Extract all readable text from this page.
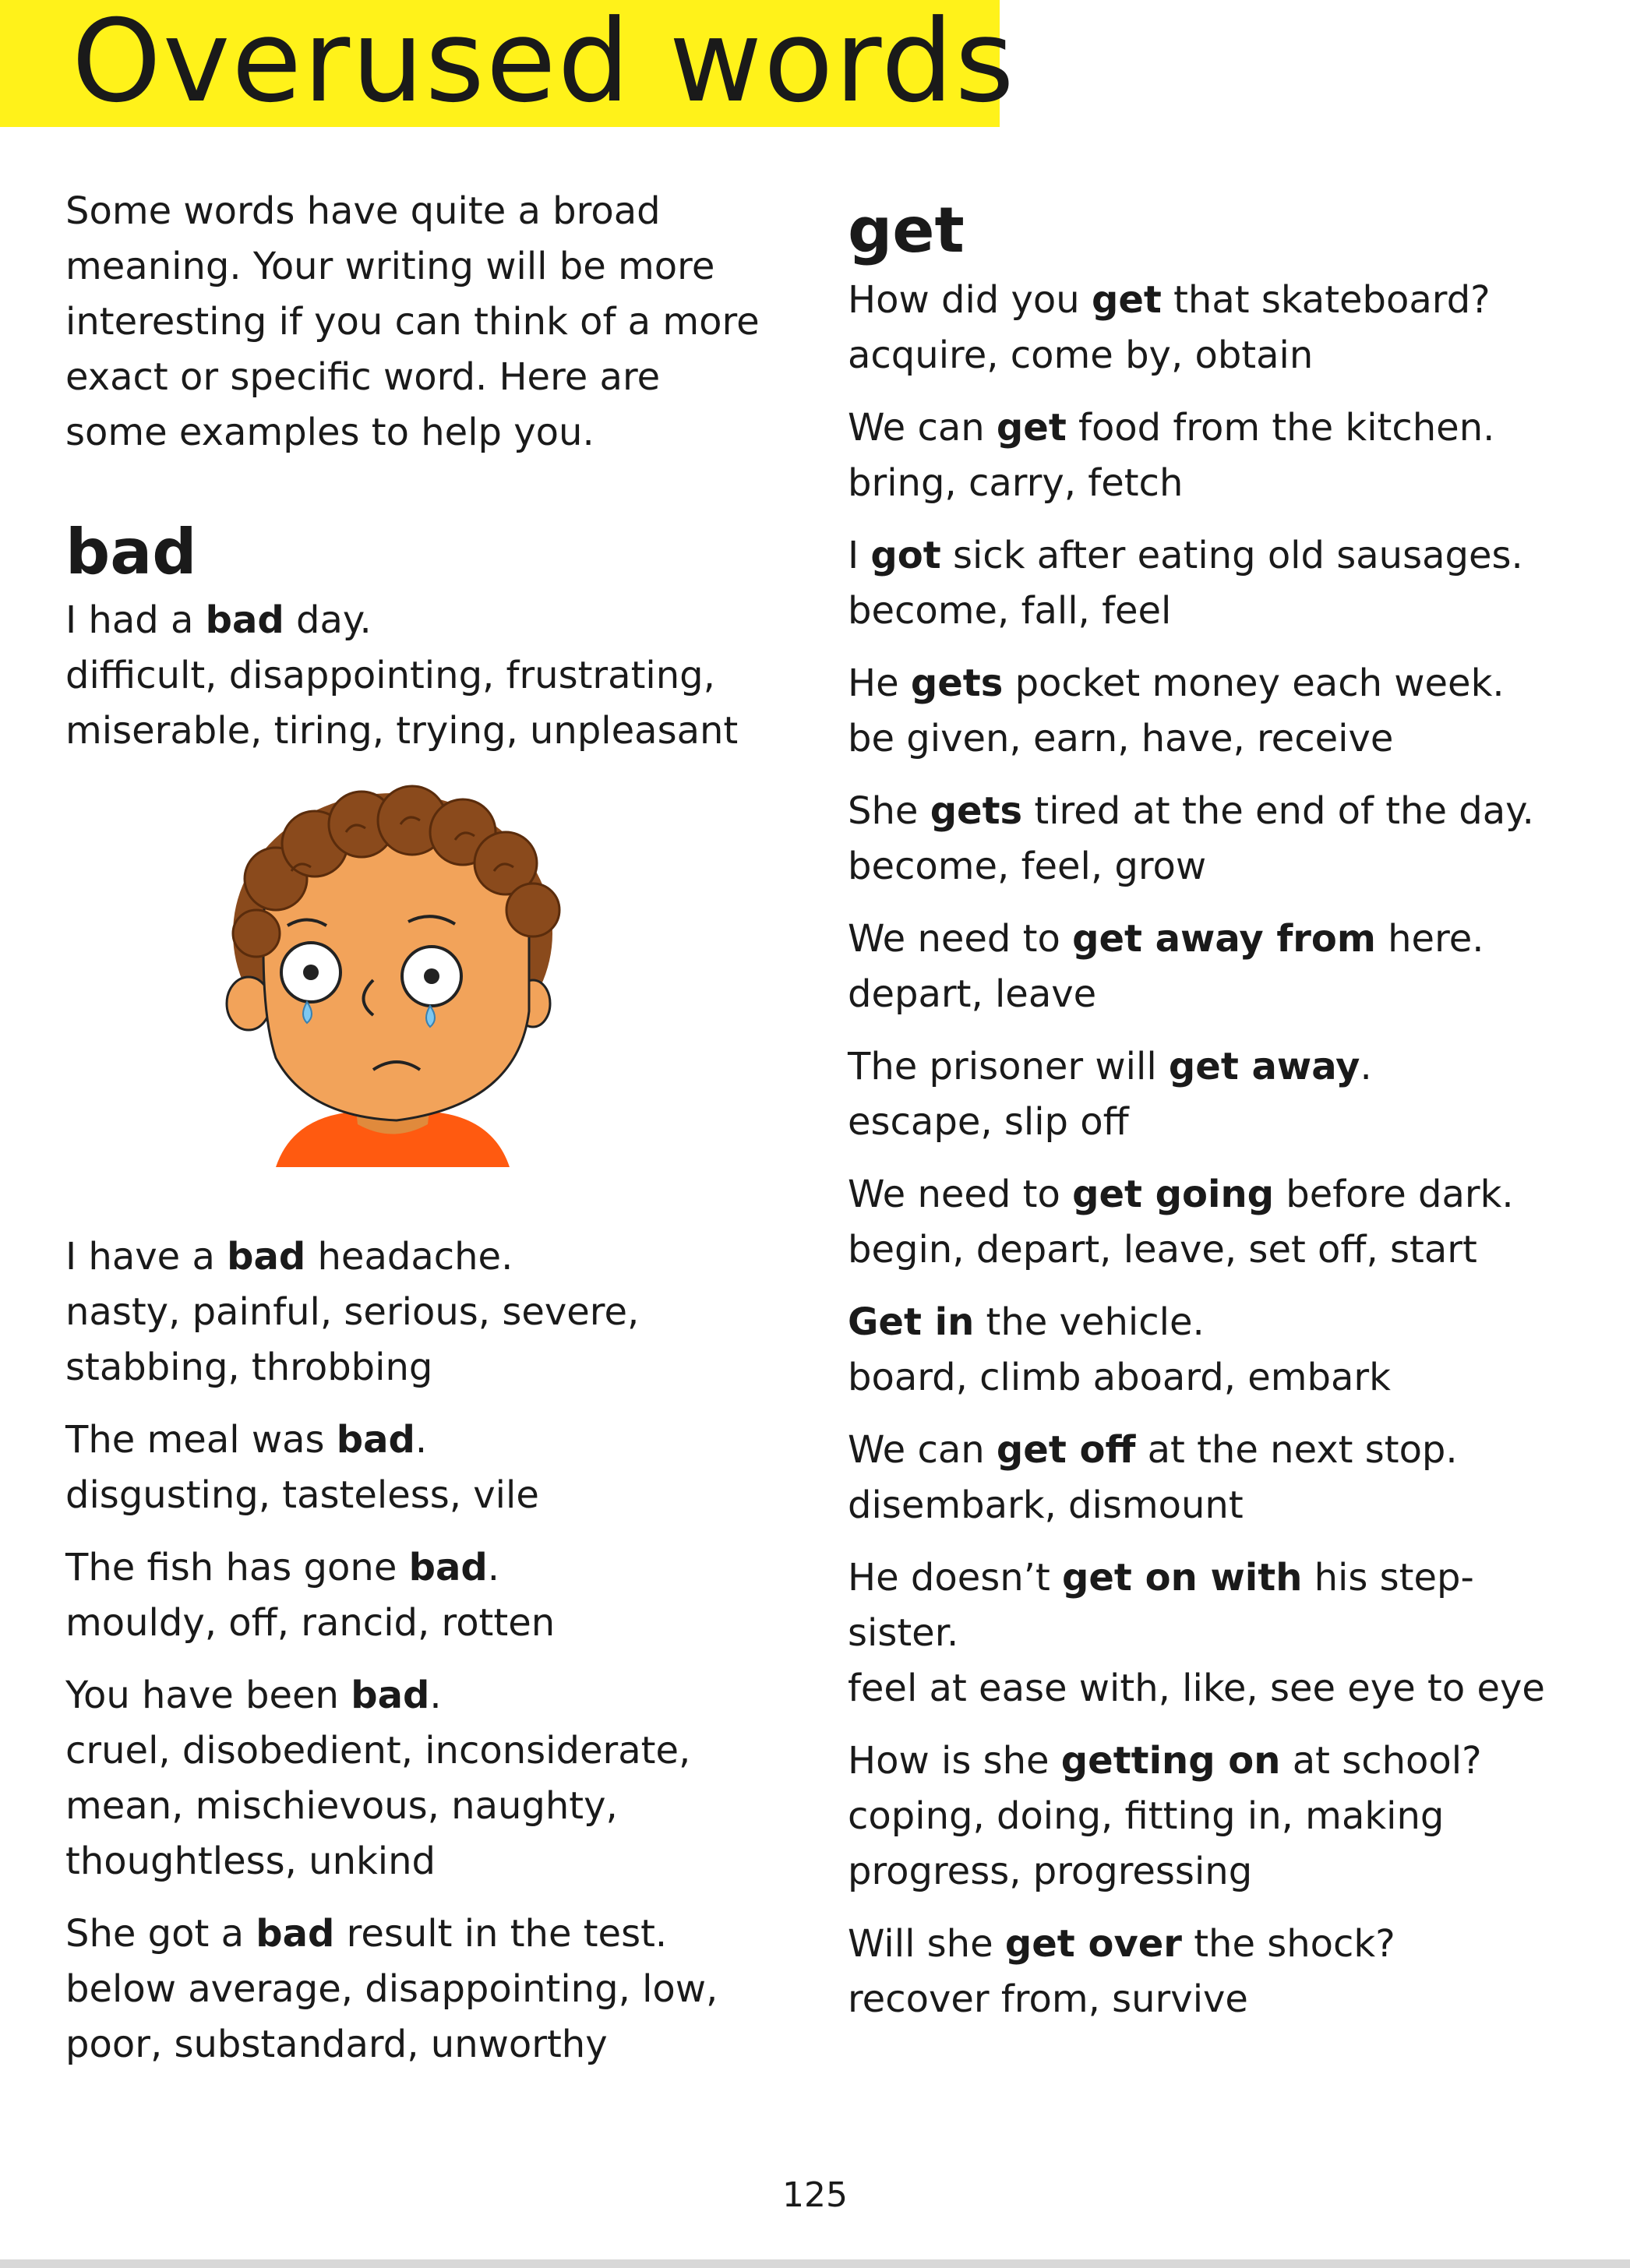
Overused words

Some words have quite a broad meaning. Your writing will be more interesting if you can think of a more exact or specific word. Here are some examples to help you.

bad

I had a bad day.

difficult, disappointing, frustrating, miserable, tiring, trying, unpleasant

I have a bad headache.

nasty, painful, serious, severe, stabbing, throbbing

The meal was bad.

disgusting, tasteless, vile

The fish has gone bad.

mouldy, off, rancid, rotten

You have been bad.

cruel, disobedient, inconsiderate, mean, mischievous, naughty, thoughtless, unkind

She got a bad result in the test.

below average, disappointing, low, poor, substandard, unworthy

get

How did you get that skateboard?

acquire, come by, obtain

We can get food from the kitchen.

bring, carry, fetch

I got sick after eating old sausages.

become, fall, feel

He gets pocket money each week.

be given, earn, have, receive

She gets tired at the end of the day.

become, feel, grow

We need to get away from here.

depart, leave

The prisoner will get away.

escape, slip off

We need to get going before dark.

begin, depart, leave, set off, start

Get in the vehicle.

board, climb aboard, embark

We can get off at the next stop.

disembark, dismount

He doesn’t get on with his step-sister.

feel at ease with, like, see eye to eye

How is she getting on at school?

coping, doing, fitting in, making progress, progressing

Will she get over the shock?

recover from, survive

125
